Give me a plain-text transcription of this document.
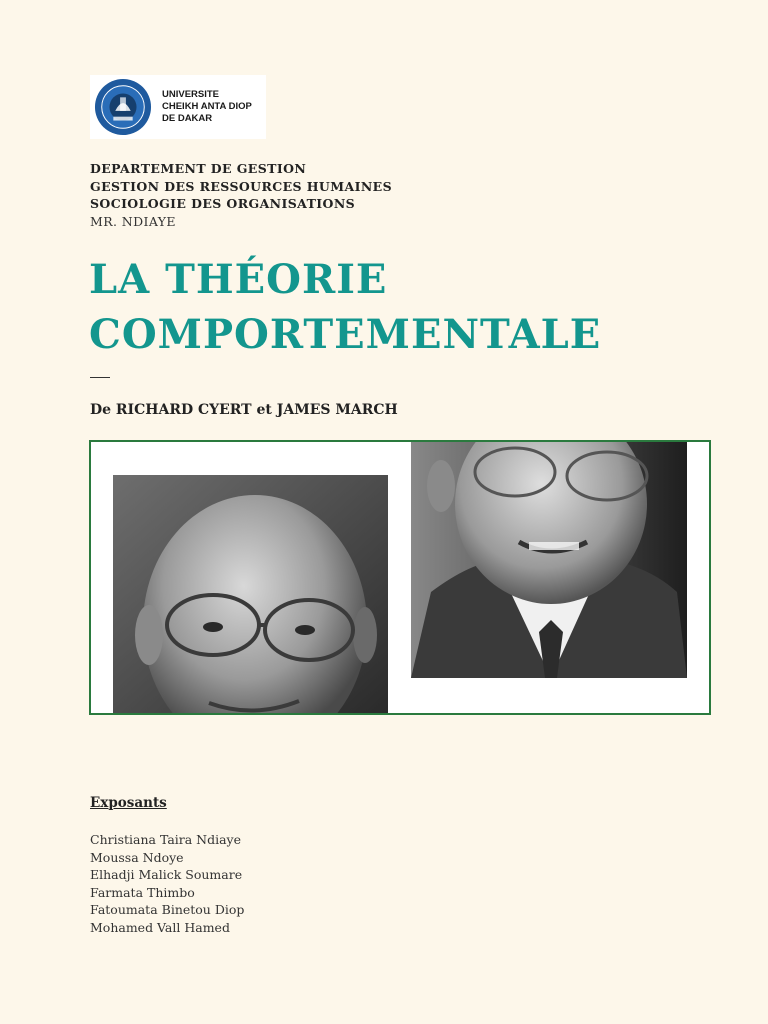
UNIVERSITE
CHEIKH ANTA DIOP
DE DAKAR
DEPARTEMENT DE GESTION
GESTION DES RESSOURCES HUMAINES
SOCIOLOGIE DES ORGANISATIONS
MR. NDIAYE
LA THÉORIE
COMPORTEMENTALE
De RICHARD CYERT et JAMES MARCH
Exposants
Christiana Taira Ndiaye
Moussa Ndoye
Elhadji Malick Soumare
Farmata Thimbo
Fatoumata Binetou Diop
Mohamed Vall Hamed
